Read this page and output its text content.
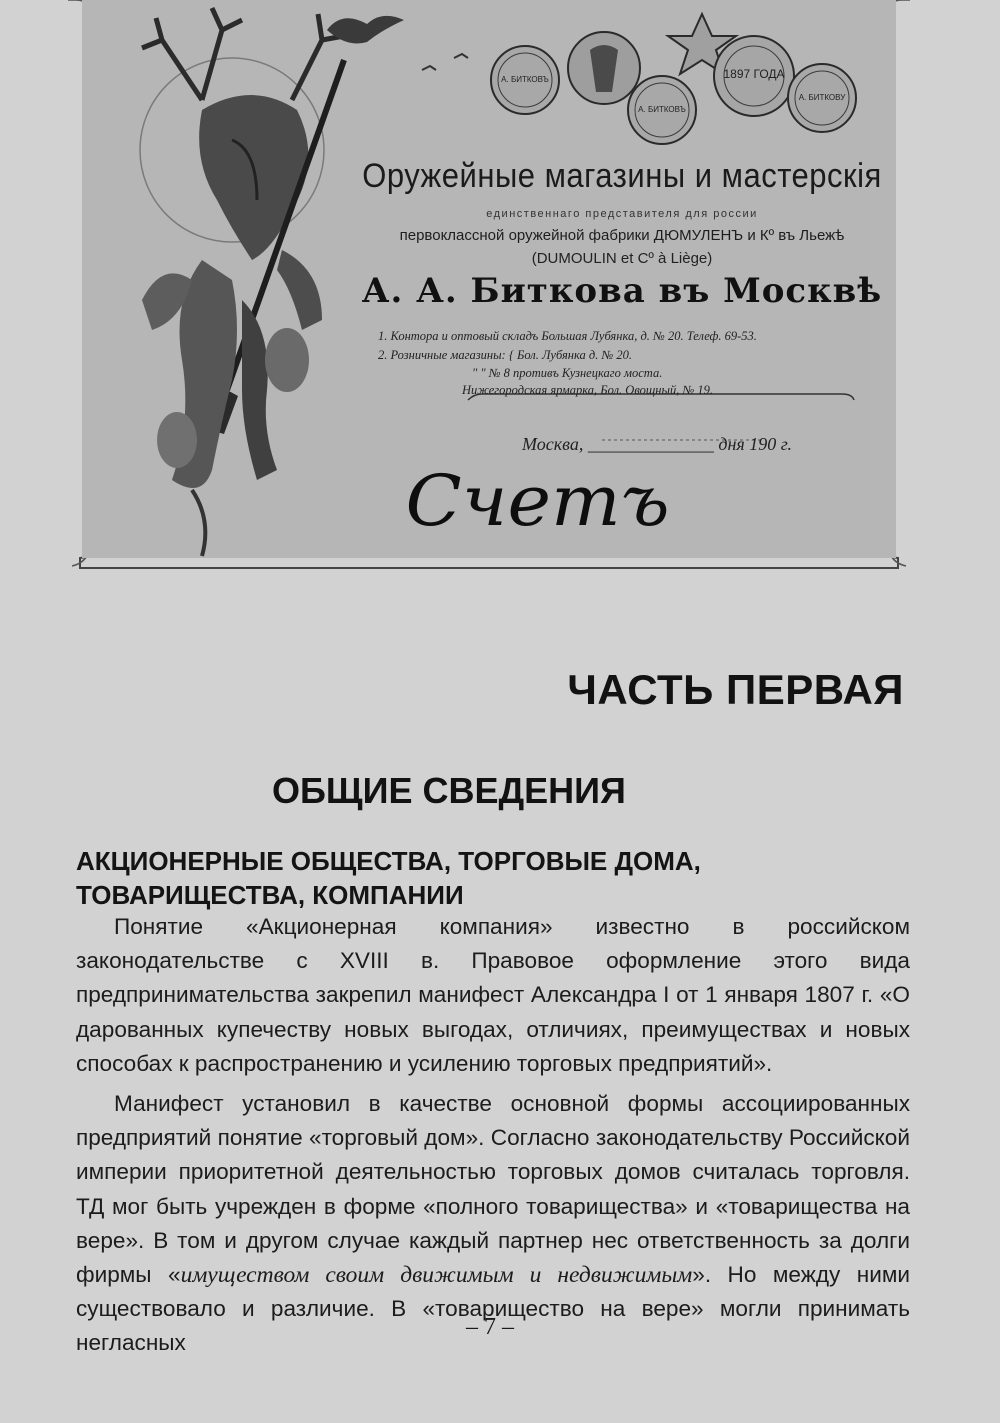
А. БИТКОВЪ
А. БИТКОВЪ
1897 ГОДА
А. БИТКОВУ
Оружейные магазины и мастерскія
единственнаго представителя для россии
первоклассной оружейной фабрики ДЮМУЛЕНЪ и Кº въ Льежѣ
(DUMOULIN et Cº à Liège)
А. А. Биткова въ Москвѣ
1. Контора и оптовый складъ Большая Лубянка, д. № 20. Телеф. 69-53.
2. Розничные магазины: { Бол. Лубянка д. № 20.
" " № 8 противъ Кузнецкаго моста.
Нижегородская ярмарка, Бол. Овощный, № 19.
Москва, ______________ дня 190 г.
Счетъ
ЧАСТЬ ПЕРВАЯ
ОБЩИЕ СВЕДЕНИЯ
АКЦИОНЕРНЫЕ ОБЩЕСТВА, ТОРГОВЫЕ ДОМА,
ТОВАРИЩЕСТВА, КОМПАНИИ

Понятие «Акционерная компания» известно в российском законодательстве с XVIII в. Правовое оформление этого вида предпринимательства закрепил манифест Александра I от 1 января 1807 г. «О дарованных купечеству новых выгодах, отличиях, преимуществах и новых способах к распространению и усилению торговых предприятий».

Манифест установил в качестве основной формы ассоциированных предприятий понятие «торговый дом». Согласно законодательству Российской империи приоритетной деятельностью торговых домов считалась торговля. ТД мог быть учрежден в форме «полного товарищества» и «товарищества на вере». В том и другом случае каждый партнер нес ответственность за долги фирмы «имуществом своим движимым и недвижимым». Но между ними существовало и различие. В «товарищество на вере» могли принимать негласных

– 7 –
